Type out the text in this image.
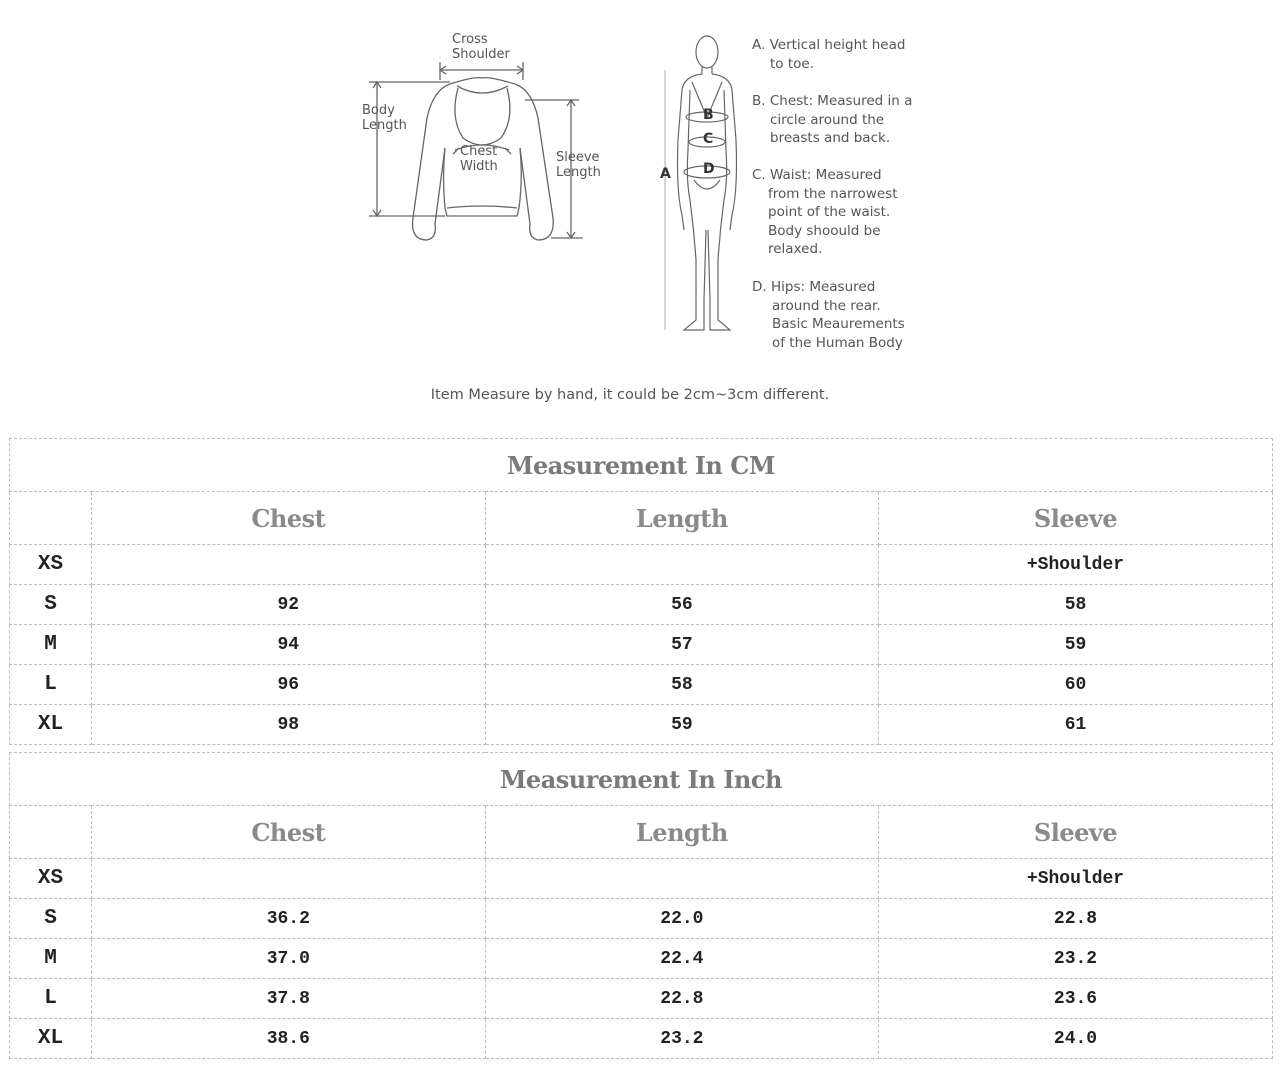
Cross
Shoulder
Body
Length
Chest
Width
Sleeve
Length	A
B
C
D
A. Vertical height head
to toe.
B. Chest: Measured in a
circle around the
breasts and back.
C. Waist: Measured
from the narrowest
point of the waist.
Body shoould be
relaxed.
D. Hips: Measured
around the rear.
Basic Meaurements
of the Human Body
Item Measure by hand, it could be 2cm~3cm different.
Measurement In CM			
	Chest	Length	Sleeve
XS			+Shoulder
S	92	56	58
M	94	57	59
L	96	58	60
XL	98	59	61
Measurement In Inch			
	Chest	Length	Sleeve
XS			+Shoulder
S	36.2	22.0	22.8
M	37.0	22.4	23.2
L	37.8	22.8	23.6
XL	38.6	23.2	24.0
